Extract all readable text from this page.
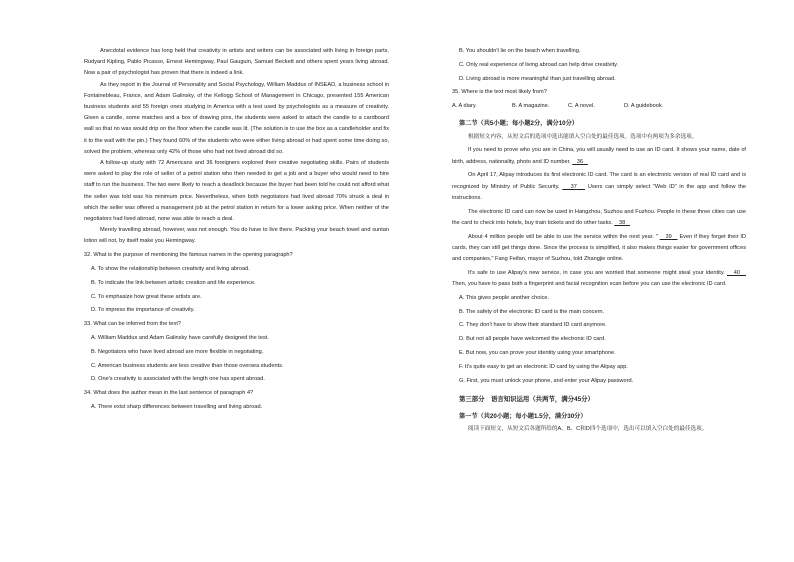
Anecdotal evidence has long held that creativity in artists and writers can be associated with living in foreign parts. Rudyard Kipling, Pablo Picasso, Ernest Hemingway, Paul Gauguin, Samuel Beckett and others spent years living abroad. Now a pair of psychologist has proven that there is indeed a link.

As they report in the Journal of Personality and Social Psychology, William Maddux of INSEAD, a business school in Fontainebleau, France, and Adam Galinsky, of the Kellogg School of Management in Chicago, presented 155 American business students and 55 foreign ones studying in America with a test used by psychologists as a measure of creativity. Given a candle, some matches and a box of drawing pins, the students were asked to attach the candle to a cardboard wall so that no wax would drip on the floor when the candle was lit. (The solution is to use the box as a candleholder and fix it to the wall with the pin.) They found 60% of the students who were either living abroad or had spent some time doing so, solved the problem, whereas only 42% of those who had not lived abroad did so.

A follow-up study with 72 Americans and 36 foreigners explored their creative negotiating skills. Pairs of students were asked to play the role of seller of a petrol station who then needed to get a job and a buyer who would need to hire staff to run the business. The two were likely to reach a deadlock because the buyer had been told he could not afford what the seller was told was his minimum price. Nevertheless, when both negotiators had lived abroad 70% struck a deal in which the seller was offered a management job at the petrol station in return for a lower asking price. When neither of the negotiators had lived abroad, none was able to reach a deal.

Merely travelling abroad, however, was not enough. You do have to live there. Packing your beach towel and suntan lotion will not, by itself make you Hemingway.

32. What is the purpose of mentioning the famous names in the opening paragraph?

A. To show the relationship between creativity and living abroad.

B. To indicate the link between artistic creation and life experience.

C. To emphasize how great these artists are.

D. To impress the importance of creativity.

33. What can be inferred from the text?

A. William Maddux and Adam Galinsky have carefully designed the test.

B. Negotiators who have lived abroad are more flexible in negotiating.

C. American business students are less creative than those oversea students.

D. One's creativity is associated with the length one has spent abroad.

34. What does the author mean in the last sentence of paragraph 4?

A. There exist sharp differences between travelling and living abroad.

B. You shouldn't lie on the beach when travelling.

C. Only real experience of living abroad can help drive creativity.

D. Living abroad is more meaningful than just travelling abroad.

35. Where is the text most likely from?

A. A diary.	B. A magazine.	C. A novel.	D. A guidebook.

第二节（共5小题；每小题2分，满分10分）

根据短文内容，从短文后的选项中选出能填入空白处的最佳选项。选项中有两项为多余选项。

If you need to prove who you are in China, you will usually need to use an ID card. It shows your name, date of birth, address, nationality, photo and ID number. 36

On April 17, Alipay introduces its first electronic ID card. The card is an electronic version of real ID card and is recognized by Ministry of Public Security. 37 Users can simply select "Web ID" in the app and follow the instructions.

The electronic ID card can now be used in Hangzhou, Suzhou and Fuzhou. People in these three cities can use the card to check into hotels, buy train tickets and do other tasks. 38

About 4 million people will be able to use the service within the next year. " 39 Even if they forget their ID cards, they can still get things done. Since the process is simplified, it also makes things easier for government offices and companies," Fang Feifan, mayor of Suzhou, told Zhangjie online.

It's safe to use Alipay's new service, in case you are worried that someone might steal your identity. 40    Then, you have to pass both a fingerprint and facial recognition scan before you can use the electronic ID card.

A. This gives people another choice.

B. The safety of the electronic ID card is the main concern.

C. They don't have to show their standard ID card anymore.

D. But not all people have welcomed the electronic ID card.

E. But now, you can prove your identity using your smartphone.

F. It's quite easy to get an electronic ID card by using the Alipay app.

G. First, you must unlock your phone, and enter your Alipay password.

第三部分　语言知识运用（共两节，满分45分）

第一节（共20小题；每小题1.5分，满分30分）

阅读下面短文，从短文后各题所给的A、B、C和D四个选项中，选出可以填入空白处的最佳选项。
